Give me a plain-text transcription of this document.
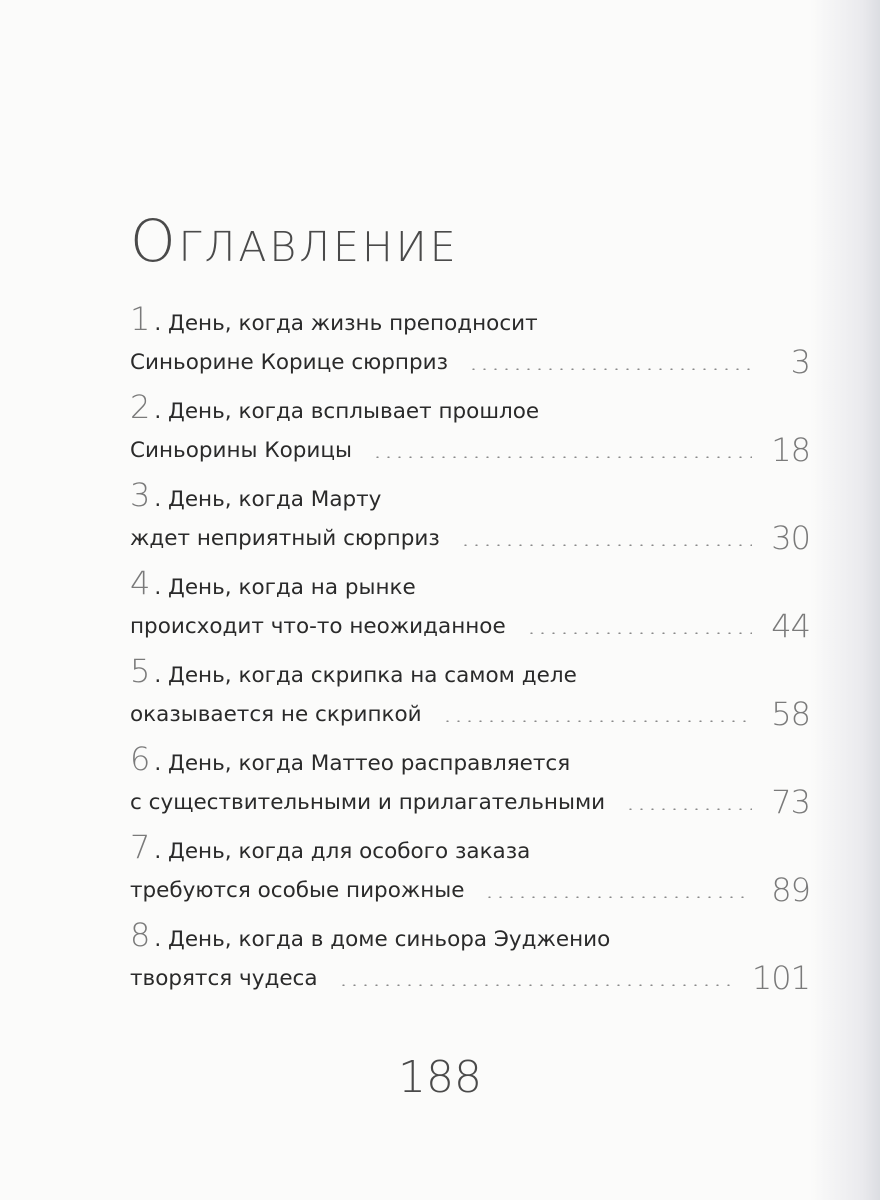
Оглавление
1 . День, когда жизнь преподносит
Синьорине Корице сюрприз	3
2 . День, когда всплывает прошлое
Синьорины Корицы	18
3 . День, когда Марту
ждет неприятный сюрприз	30
4 . День, когда на рынке
происходит что-то неожиданное	44
5 . День, когда скрипка на самом деле
оказывается не скрипкой	58
6 . День, когда Маттео расправляется
с существительными и прилагательными	73
7 . День, когда для особого заказа
требуются особые пирожные	89
8 . День, когда в доме синьора Эудженио
творятся чудеса	101
188
